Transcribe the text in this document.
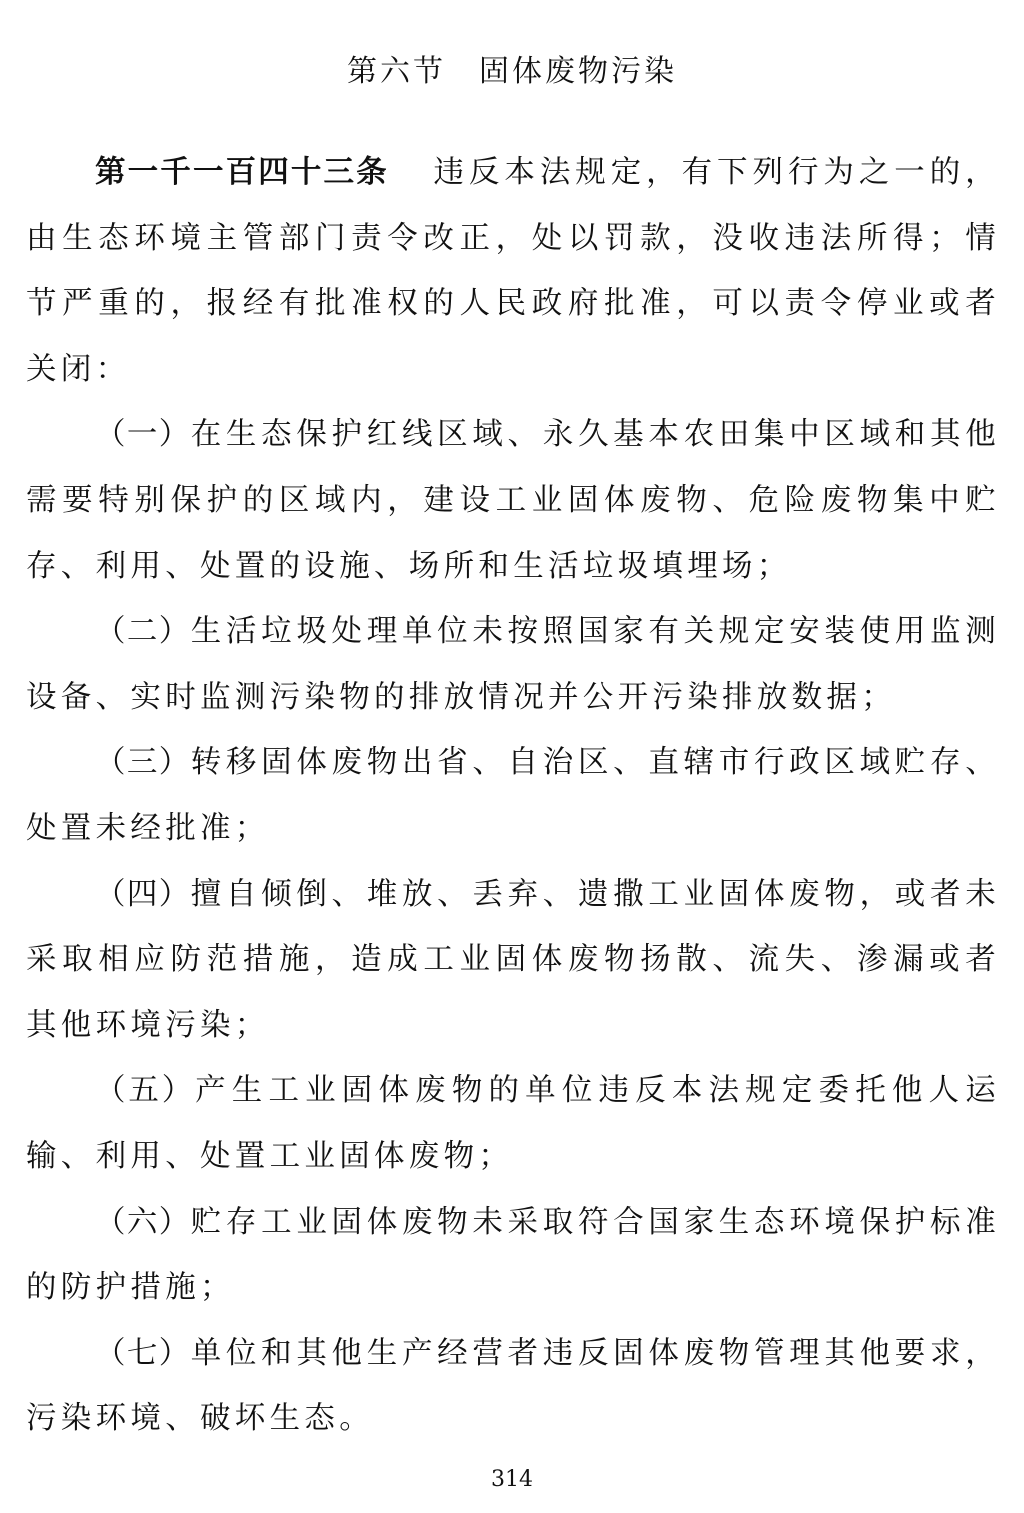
第六节　固体废物污染

第一千一百四十三条 违反本法规定，有下列行为之一的，由生态环境主管部门责令改正，处以罚款，没收违法所得；情节严重的，报经有批准权的人民政府批准，可以责令停业或者关闭：

（一）在生态保护红线区域、永久基本农田集中区域和其他需要特别保护的区域内，建设工业固体废物、危险废物集中贮存、利用、处置的设施、场所和生活垃圾填埋场；

（二）生活垃圾处理单位未按照国家有关规定安装使用监测设备、实时监测污染物的排放情况并公开污染排放数据；

（三）转移固体废物出省、自治区、直辖市行政区域贮存、处置未经批准；

（四）擅自倾倒、堆放、丢弃、遗撒工业固体废物，或者未采取相应防范措施，造成工业固体废物扬散、流失、渗漏或者其他环境污染；

（五）产生工业固体废物的单位违反本法规定委托他人运输、利用、处置工业固体废物；

（六）贮存工业固体废物未采取符合国家生态环境保护标准的防护措施；

（七）单位和其他生产经营者违反固体废物管理其他要求，污染环境、破坏生态。

314
